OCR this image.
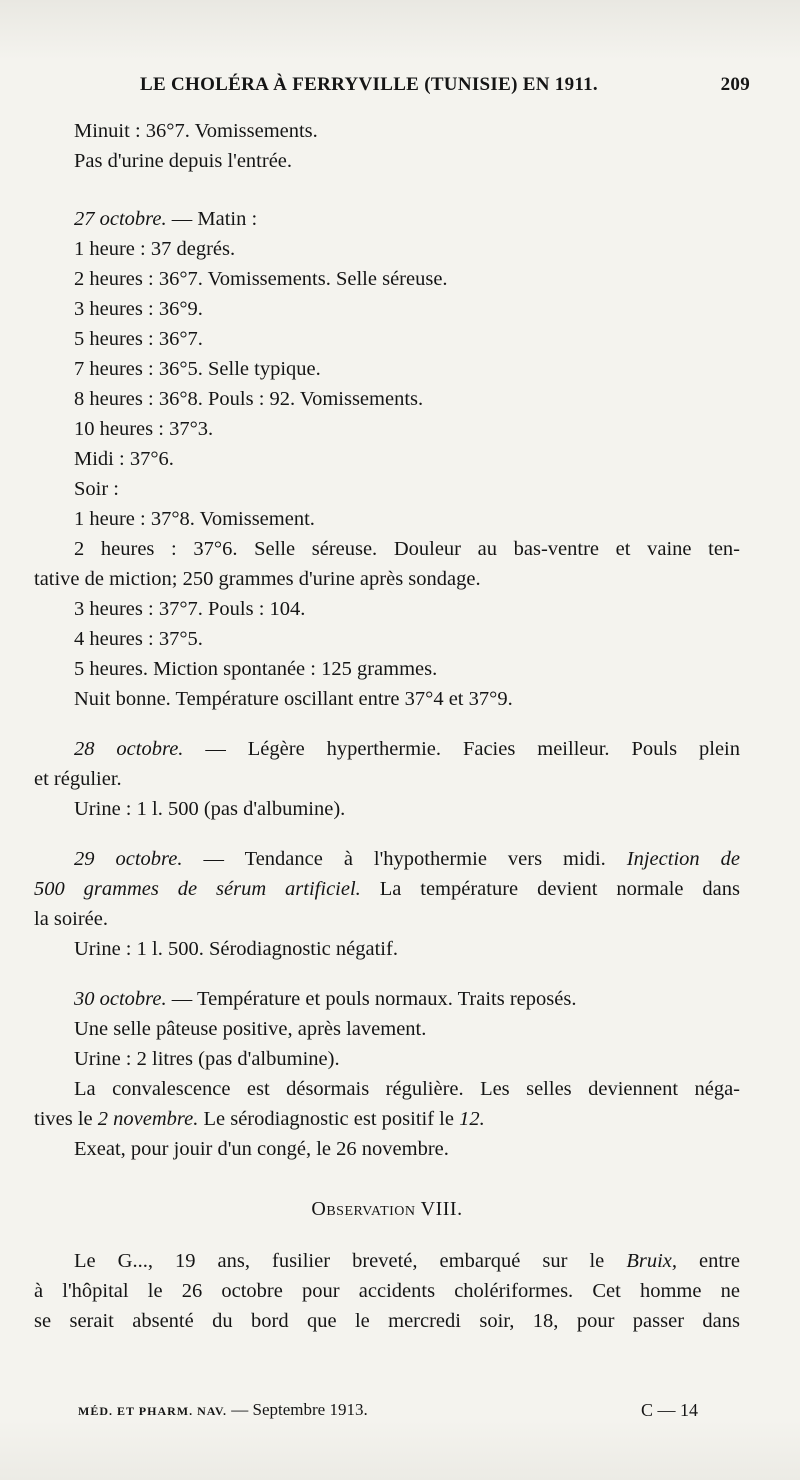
LE CHOLÉRA À FERRYVILLE (TUNISIE) EN 1911.	209
Minuit : 36°7. Vomissements.
Pas d'urine depuis l'entrée.
27 octobre. — Matin :
1 heure : 37 degrés.
2 heures : 36°7. Vomissements. Selle séreuse.
3 heures : 36°9.
5 heures : 36°7.
7 heures : 36°5. Selle typique.
8 heures : 36°8. Pouls : 92. Vomissements.
10 heures : 37°3.
Midi : 37°6.
Soir :
1 heure : 37°8. Vomissement.
2 heures : 37°6. Selle séreuse. Douleur au bas-ventre et vaine ten-
tative de miction; 250 grammes d'urine après sondage.
3 heures : 37°7. Pouls : 104.
4 heures : 37°5.
5 heures. Miction spontanée : 125 grammes.
Nuit bonne. Température oscillant entre 37°4 et 37°9.
28 octobre. — Légère hyperthermie. Facies meilleur. Pouls plein
et régulier.
Urine : 1 l. 500 (pas d'albumine).
29 octobre. — Tendance à l'hypothermie vers midi. Injection de
500 grammes de sérum artificiel. La température devient normale dans
la soirée.
Urine : 1 l. 500. Sérodiagnostic négatif.
30 octobre. — Température et pouls normaux. Traits reposés.
Une selle pâteuse positive, après lavement.
Urine : 2 litres (pas d'albumine).
La convalescence est désormais régulière. Les selles deviennent néga-
tives le 2 novembre. Le sérodiagnostic est positif le 12.
Exeat, pour jouir d'un congé, le 26 novembre.
Observation VIII.
Le G..., 19 ans, fusilier breveté, embarqué sur le Bruix, entre
à l'hôpital le 26 octobre pour accidents cholériformes. Cet homme ne
se serait absenté du bord que le mercredi soir, 18, pour passer dans
MÉD. ET PHARM. NAV. — Septembre 1913.	C — 14
